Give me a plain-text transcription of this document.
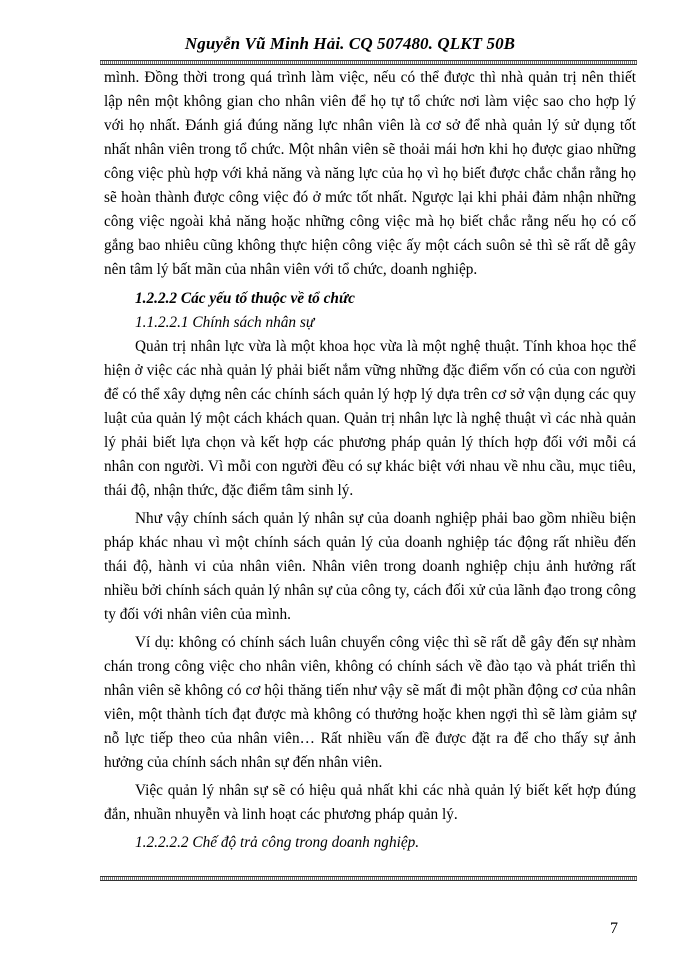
Nguyễn Vũ Minh Hải. CQ 507480. QLKT 50B

mình. Đồng thời trong quá trình làm việc, nếu có thể được thì nhà quản trị nên thiết lập nên một không gian cho nhân viên để họ tự tổ chức nơi làm việc sao cho hợp lý với họ nhất. Đánh giá đúng năng lực nhân viên là cơ sở để nhà quản lý sử dụng tốt nhất nhân viên trong tổ chức. Một nhân viên sẽ thoải mái hơn khi họ được giao những công việc phù hợp với khả năng và năng lực của họ vì họ biết được chắc chắn rằng họ sẽ hoàn thành được công việc đó ở mức tốt nhất. Ngược lại khi phải đảm nhận những công việc ngoài khả năng hoặc những công việc mà họ biết chắc rằng nếu họ có cố gắng bao nhiêu cũng không thực hiện công việc ấy một cách suôn sẻ thì sẽ rất dễ gây nên tâm lý bất mãn của nhân viên với tổ chức, doanh nghiệp.

1.2.2.2 Các yếu tố thuộc về tổ chức

1.1.2.2.1 Chính sách nhân sự

Quản trị nhân lực vừa là một khoa học vừa là một nghệ thuật. Tính khoa học thể hiện ở việc các nhà quản lý phải biết nắm vững những đặc điểm vốn có của con người để có thể xây dựng nên các chính sách quản lý hợp lý dựa trên cơ sở vận dụng các quy luật của quản lý một cách khách quan. Quản trị nhân lực là nghệ thuật vì các nhà quản lý phải biết lựa chọn và kết hợp các phương pháp quản lý thích hợp đối với mỗi cá nhân con người. Vì mỗi con người đều có sự khác biệt với nhau về nhu cầu, mục tiêu, thái độ, nhận thức, đặc điểm tâm sinh lý.

Như vậy chính sách quản lý nhân sự của doanh nghiệp phải bao gồm nhiều biện pháp khác nhau vì một chính sách quản lý của doanh nghiệp tác động rất nhiều đến thái độ, hành vi của nhân viên. Nhân viên trong doanh nghiệp chịu ảnh hưởng rất nhiều bởi chính sách quản lý nhân sự của công ty, cách đối xử của lãnh đạo trong công ty đối với nhân viên của mình.

Ví dụ: không có chính sách luân chuyển công việc thì sẽ rất dễ gây đến sự nhàm chán trong công việc cho nhân viên, không có chính sách về đào tạo và phát triển thì nhân viên sẽ không có cơ hội thăng tiến như vậy sẽ mất đi một phần động cơ của nhân viên, một thành tích đạt được mà không có thưởng hoặc khen ngợi thì sẽ làm giảm sự nỗ lực tiếp theo của nhân viên… Rất nhiều vấn đề được đặt ra để cho thấy sự ảnh hưởng của chính sách nhân sự đến nhân viên.

Việc quản lý nhân sự sẽ có hiệu quả nhất khi các nhà quản lý biết kết hợp đúng đắn, nhuần nhuyễn và linh hoạt các phương pháp quản lý.

1.2.2.2.2 Chế độ trả công trong doanh nghiệp.

7
